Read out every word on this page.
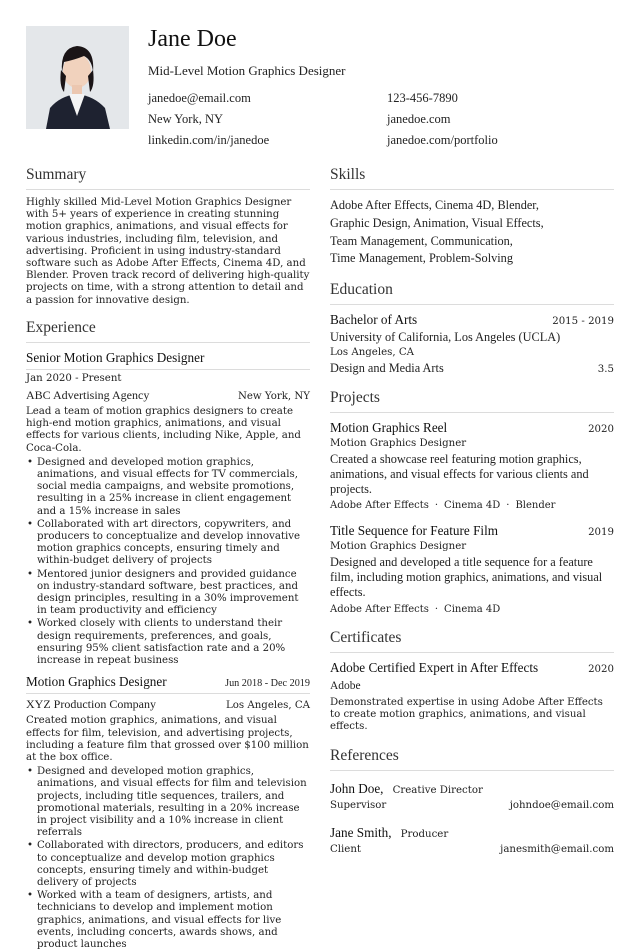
Jane Doe
Mid-Level Motion Graphics Designer
janedoe@email.com	123-456-7890
New York, NY	janedoe.com
linkedin.com/in/janedoe	janedoe.com/portfolio
Summary
Highly skilled Mid-Level Motion Graphics Designer with 5+ years of experience in creating stunning motion graphics, animations, and visual effects for various industries, including film, television, and advertising. Proficient in using industry-standard software such as Adobe After Effects, Cinema 4D, and Blender. Proven track record of delivering high-quality projects on time, with a strong attention to detail and a passion for innovative design.
Experience
Senior Motion Graphics Designer
Jan 2020 - Present
ABC Advertising Agency	New York, NY
Lead a team of motion graphics designers to create high-end motion graphics, animations, and visual effects for various clients, including Nike, Apple, and Coca-Cola.
• Designed and developed motion graphics, animations, and visual effects for TV commercials, social media campaigns, and website promotions, resulting in a 25% increase in client engagement and a 15% increase in sales
• Collaborated with art directors, copywriters, and producers to conceptualize and develop innovative motion graphics concepts, ensuring timely and within-budget delivery of projects
• Mentored junior designers and provided guidance on industry-standard software, best practices, and design principles, resulting in a 30% improvement in team productivity and efficiency
• Worked closely with clients to understand their design requirements, preferences, and goals, ensuring 95% client satisfaction rate and a 20% increase in repeat business
Motion Graphics Designer	Jun 2018 - Dec 2019
XYZ Production Company	Los Angeles, CA
Created motion graphics, animations, and visual effects for film, television, and advertising projects, including a feature film that grossed over $100 million at the box office.
• Designed and developed motion graphics, animations, and visual effects for film and television projects, including title sequences, trailers, and promotional materials, resulting in a 20% increase in project visibility and a 10% increase in client referrals
• Collaborated with directors, producers, and editors to conceptualize and develop motion graphics concepts, ensuring timely and within-budget delivery of projects
• Worked with a team of designers, artists, and technicians to develop and implement motion graphics, animations, and visual effects for live events, including concerts, awards shows, and product launches
Skills
Adobe After Effects, Cinema 4D, Blender,
Graphic Design, Animation, Visual Effects,
Team Management, Communication,
Time Management, Problem-Solving
Education
Bachelor of Arts	2015 - 2019
University of California, Los Angeles (UCLA)
Los Angeles, CA
Design and Media Arts	3.5
Projects
Motion Graphics Reel	2020
Motion Graphics Designer
Created a showcase reel featuring motion graphics, animations, and visual effects for various clients and projects.
Adobe After Effects · Cinema 4D · Blender
Title Sequence for Feature Film	2019
Motion Graphics Designer
Designed and developed a title sequence for a feature film, including motion graphics, animations, and visual effects.
Adobe After Effects · Cinema 4D
Certificates
Adobe Certified Expert in After Effects	2020
Adobe
Demonstrated expertise in using Adobe After Effects to create motion graphics, animations, and visual effects.
References
John Doe, Creative Director
Supervisor	johndoe@email.com
Jane Smith, Producer
Client	janesmith@email.com
